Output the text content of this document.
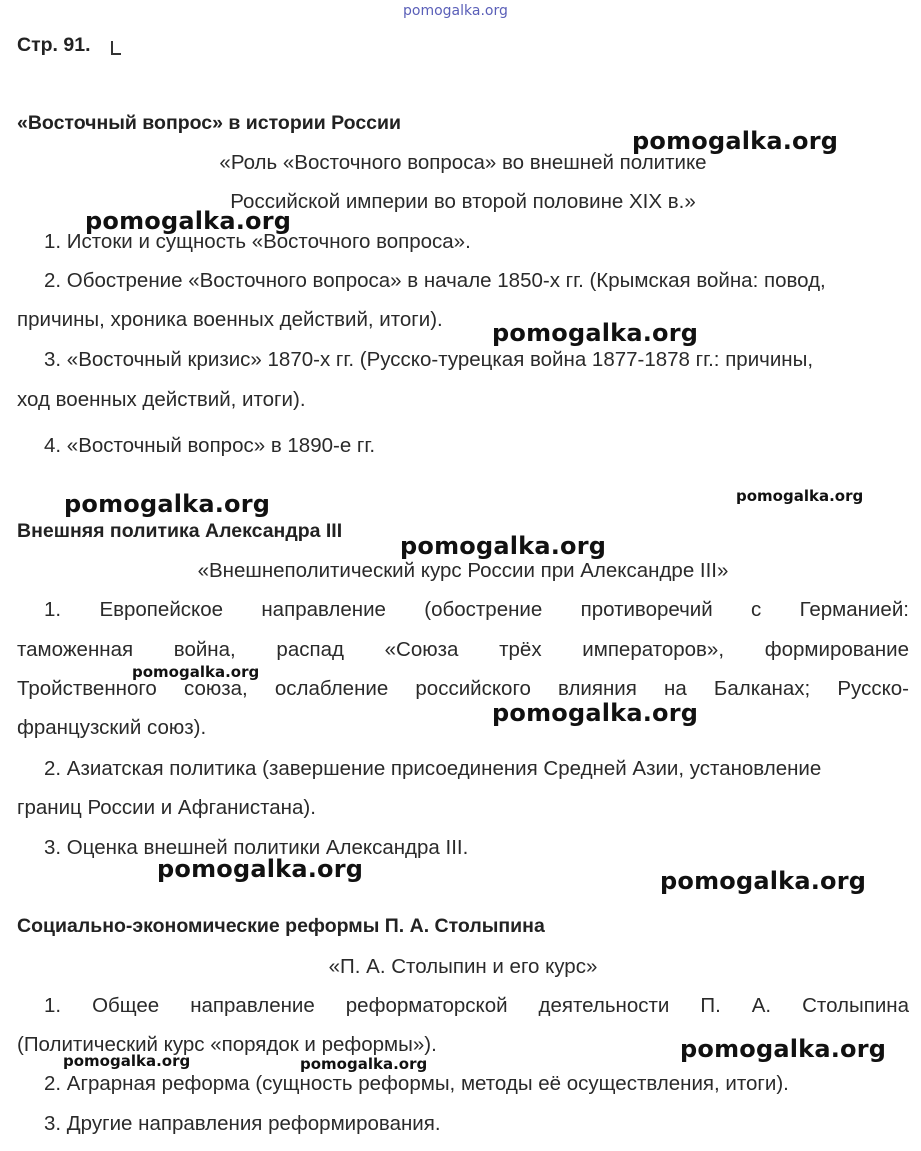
pomogalka.org
Стр. 91.
«Восточный вопрос» в истории России
«Роль «Восточного вопроса» во внешней политике
Российской империи во второй половине XIX в.»
1. Истоки и сущность «Восточного вопроса».
2. Обострение «Восточного вопроса» в начале 1850-х гг. (Крымская война: повод,
причины, хроника военных действий, итоги).
3. «Восточный кризис» 1870-х гг. (Русско-турецкая война 1877-1878 гг.: причины,
ход военных действий, итоги).
4. «Восточный вопрос» в 1890-е гг.
Внешняя политика Александра III
«Внешнеполитический курс России при Александре III»
1. Европейское направление (обострение противоречий с Германией:
таможенная война, распад «Союза трёх императоров», формирование
Тройственного союза, ослабление российского влияния на Балканах; Русско-
французский союз).
2. Азиатская политика (завершение присоединения Средней Азии, установление
границ России и Афганистана).
3. Оценка внешней политики Александра III.
Социально-экономические реформы П. А. Столыпина
«П. А. Столыпин и его курс»
1. Общее направление реформаторской деятельности П. А. Столыпина
(Политический курс «порядок и реформы»).
2. Аграрная реформа (сущность реформы, методы её осуществления, итоги).
3. Другие направления реформирования.
pomogalka.org
pomogalka.org
pomogalka.org
pomogalka.org	pomogalka.org
pomogalka.org
pomogalka.org
pomogalka.org
pomogalka.org	pomogalka.org
pomogalka.org
pomogalka.org	pomogalka.org
